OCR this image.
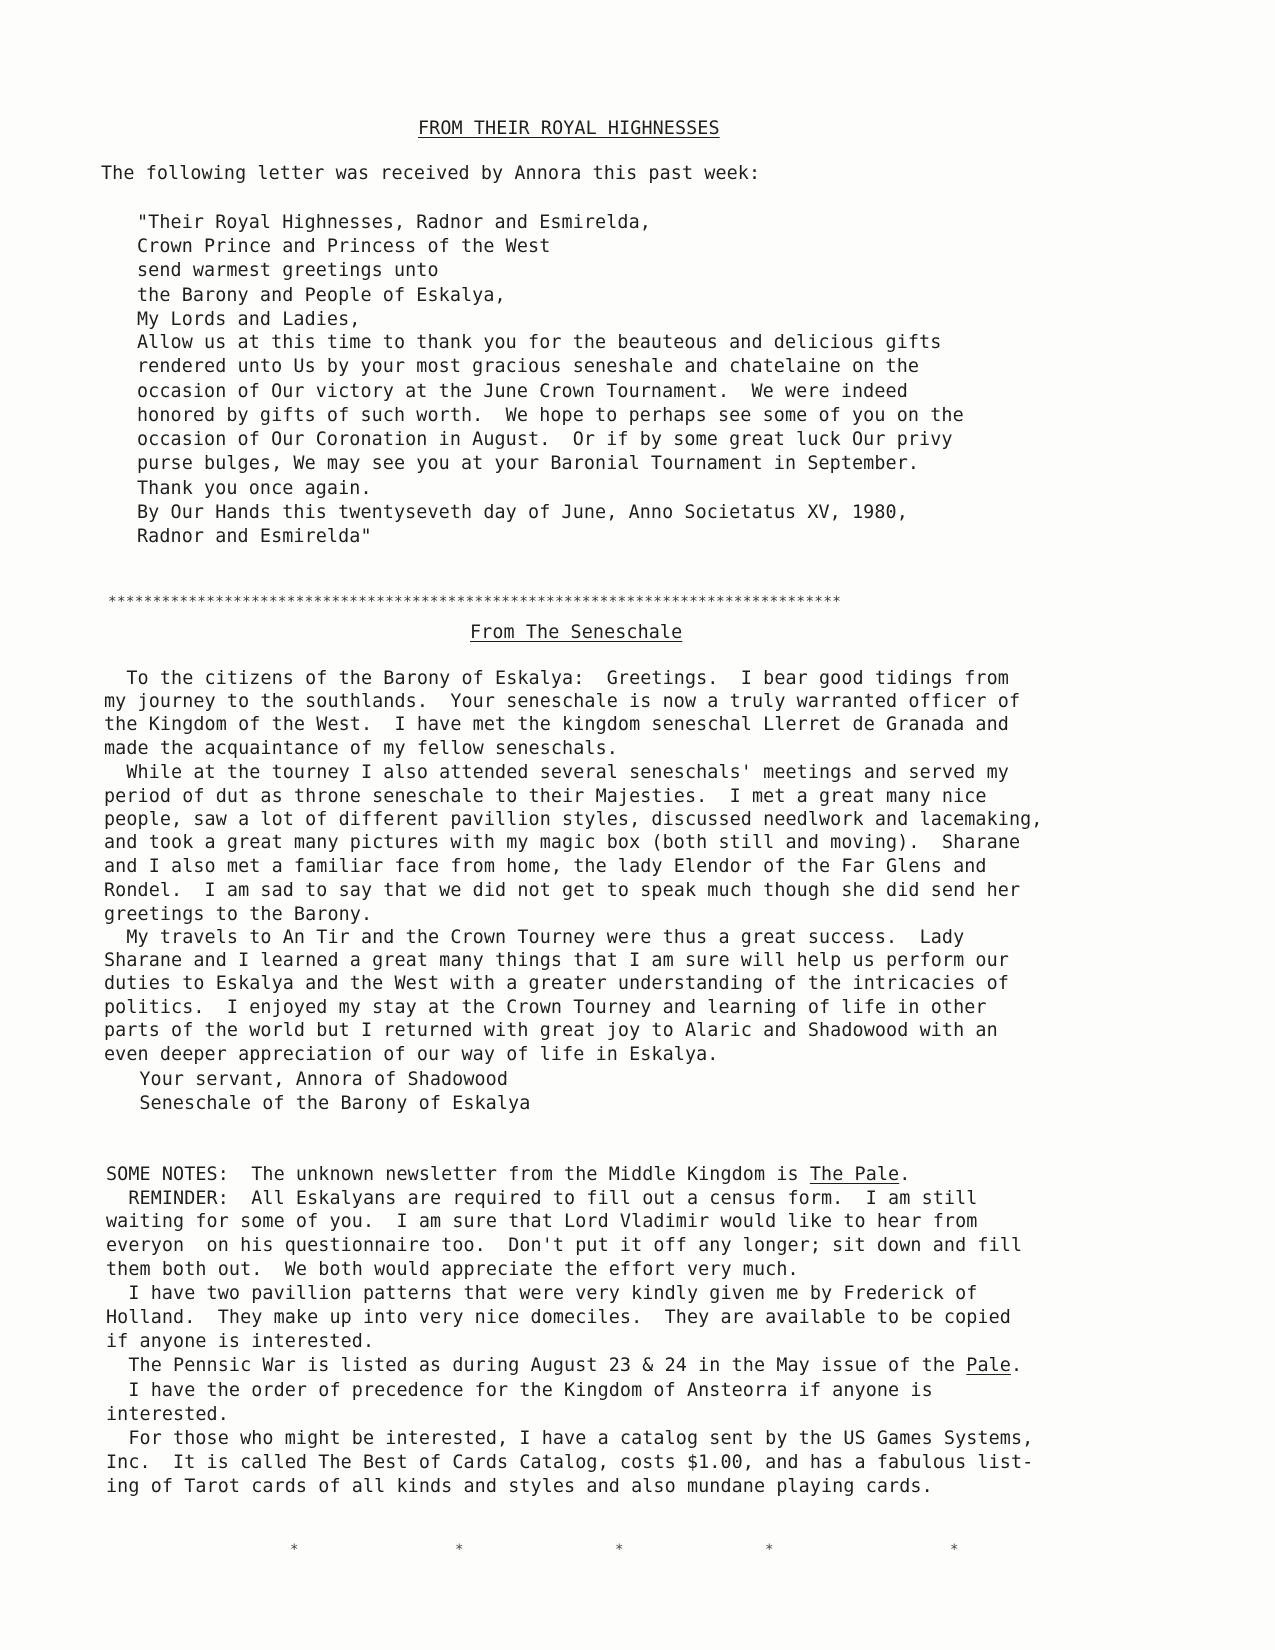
FROM THEIR ROYAL HIGHNESSES
The following letter was received by Annora this past week:
"Their Royal Highnesses, Radnor and Esmirelda,
Crown Prince and Princess of the West
send warmest greetings unto
the Barony and People of Eskalya,
My Lords and Ladies,
Allow us at this time to thank you for the beauteous and delicious gifts
rendered unto Us by your most gracious seneshale and chatelaine on the
occasion of Our victory at the June Crown Tournament.  We were indeed
honored by gifts of such worth.  We hope to perhaps see some of you on the
occasion of Our Coronation in August.  Or if by some great luck Our privy
purse bulges, We may see you at your Baronial Tournament in September.
Thank you once again.
By Our Hands this twentyseveth day of June, Anno Societatus XV, 1980,
Radnor and Esmirelda"
**********************************************************************************
From The Seneschale
To the citizens of the Barony of Eskalya:  Greetings.  I bear good tidings from
my journey to the southlands.  Your seneschale is now a truly warranted officer of
the Kingdom of the West.  I have met the kingdom seneschal Llerret de Granada and
made the acquaintance of my fellow seneschals.
While at the tourney I also attended several seneschals' meetings and served my
period of dut as throne seneschale to their Majesties.  I met a great many nice
people, saw a lot of different pavillion styles, discussed needlwork and lacemaking,
and took a great many pictures with my magic box (both still and moving).  Sharane
and I also met a familiar face from home, the lady Elendor of the Far Glens and
Rondel.  I am sad to say that we did not get to speak much though she did send her
greetings to the Barony.
My travels to An Tir and the Crown Tourney were thus a great success.  Lady
Sharane and I learned a great many things that I am sure will help us perform our
duties to Eskalya and the West with a greater understanding of the intricacies of
politics.  I enjoyed my stay at the Crown Tourney and learning of life in other
parts of the world but I returned with great joy to Alaric and Shadowood with an
even deeper appreciation of our way of life in Eskalya.
Your servant, Annora of Shadowood
Seneschale of the Barony of Eskalya
SOME NOTES:  The unknown newsletter from the Middle Kingdom is The Pale.
REMINDER:  All Eskalyans are required to fill out a census form.  I am still
waiting for some of you.  I am sure that Lord Vladimir would like to hear from
everyon  on his questionnaire too.  Don't put it off any longer; sit down and fill
them both out.  We both would appreciate the effort very much.
I have two pavillion patterns that were very kindly given me by Frederick of
Holland.  They make up into very nice domeciles.  They are available to be copied
if anyone is interested.
The Pennsic War is listed as during August 23 & 24 in the May issue of the Pale.
I have the order of precedence for the Kingdom of Ansteorra if anyone is
interested.
For those who might be interested, I have a catalog sent by the US Games Systems,
Inc.  It is called The Best of Cards Catalog, costs $1.00, and has a fabulous list-
ing of Tarot cards of all kinds and styles and also mundane playing cards.
*	*	*	*	*
